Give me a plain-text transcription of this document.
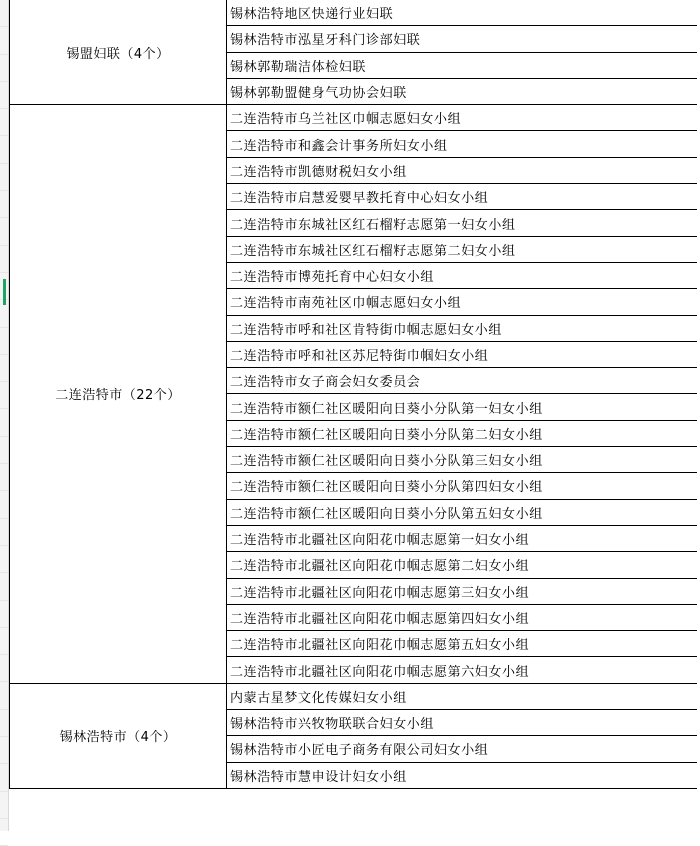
锡盟妇联（4个）	锡林浩特地区快递行业妇联
	锡林浩特市泓星牙科门诊部妇联
	锡林郭勒瑞洁体检妇联
	锡林郭勒盟健身气功协会妇联
二连浩特市（22个）	二连浩特市乌兰社区巾帼志愿妇女小组
	二连浩特市和鑫会计事务所妇女小组
	二连浩特市凯德财税妇女小组
	二连浩特市启慧爱婴早教托育中心妇女小组
	二连浩特市东城社区红石榴籽志愿第一妇女小组
	二连浩特市东城社区红石榴籽志愿第二妇女小组
	二连浩特市博苑托育中心妇女小组
	二连浩特市南苑社区巾帼志愿妇女小组
	二连浩特市呼和社区肯特街巾帼志愿妇女小组
	二连浩特市呼和社区苏尼特街巾帼妇女小组
	二连浩特市女子商会妇女委员会
	二连浩特市额仁社区暖阳向日葵小分队第一妇女小组
	二连浩特市额仁社区暖阳向日葵小分队第二妇女小组
	二连浩特市额仁社区暖阳向日葵小分队第三妇女小组
	二连浩特市额仁社区暖阳向日葵小分队第四妇女小组
	二连浩特市额仁社区暖阳向日葵小分队第五妇女小组
	二连浩特市北疆社区向阳花巾帼志愿第一妇女小组
	二连浩特市北疆社区向阳花巾帼志愿第二妇女小组
	二连浩特市北疆社区向阳花巾帼志愿第三妇女小组
	二连浩特市北疆社区向阳花巾帼志愿第四妇女小组
	二连浩特市北疆社区向阳花巾帼志愿第五妇女小组
	二连浩特市北疆社区向阳花巾帼志愿第六妇女小组
锡林浩特市（4个）	内蒙古星梦文化传媒妇女小组
	锡林浩特市兴牧物联联合妇女小组
	锡林浩特市小匠电子商务有限公司妇女小组
	锡林浩特市慧申设计妇女小组
